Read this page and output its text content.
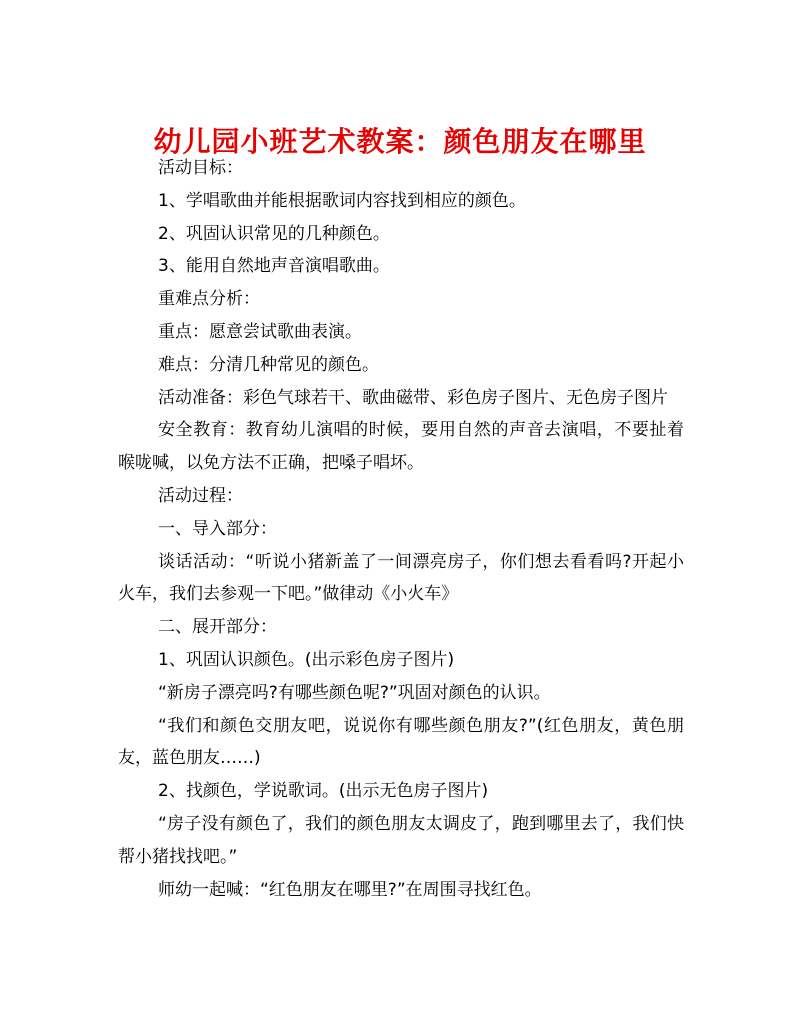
幼儿园小班艺术教案：颜色朋友在哪里

活动目标：

1、学唱歌曲并能根据歌词内容找到相应的颜色。

2、巩固认识常见的几种颜色。

3、能用自然地声音演唱歌曲。

重难点分析：

重点：愿意尝试歌曲表演。

难点：分清几种常见的颜色。

活动准备：彩色气球若干、歌曲磁带、彩色房子图片、无色房子图片

安全教育：教育幼儿演唱的时候，要用自然的声音去演唱，不要扯着喉咙喊，以免方法不正确，把嗓子唱坏。

活动过程：

一、导入部分：

谈话活动：“听说小猪新盖了一间漂亮房子，你们想去看看吗?开起小火车，我们去参观一下吧。”做律动《小火车》

二、展开部分：

1、巩固认识颜色。(出示彩色房子图片)

“新房子漂亮吗?有哪些颜色呢?”巩固对颜色的认识。

“我们和颜色交朋友吧，说说你有哪些颜色朋友?”(红色朋友，黄色朋友，蓝色朋友……)

2、找颜色，学说歌词。(出示无色房子图片)

“房子没有颜色了，我们的颜色朋友太调皮了，跑到哪里去了，我们快帮小猪找找吧。”

师幼一起喊：“红色朋友在哪里?”在周围寻找红色。
